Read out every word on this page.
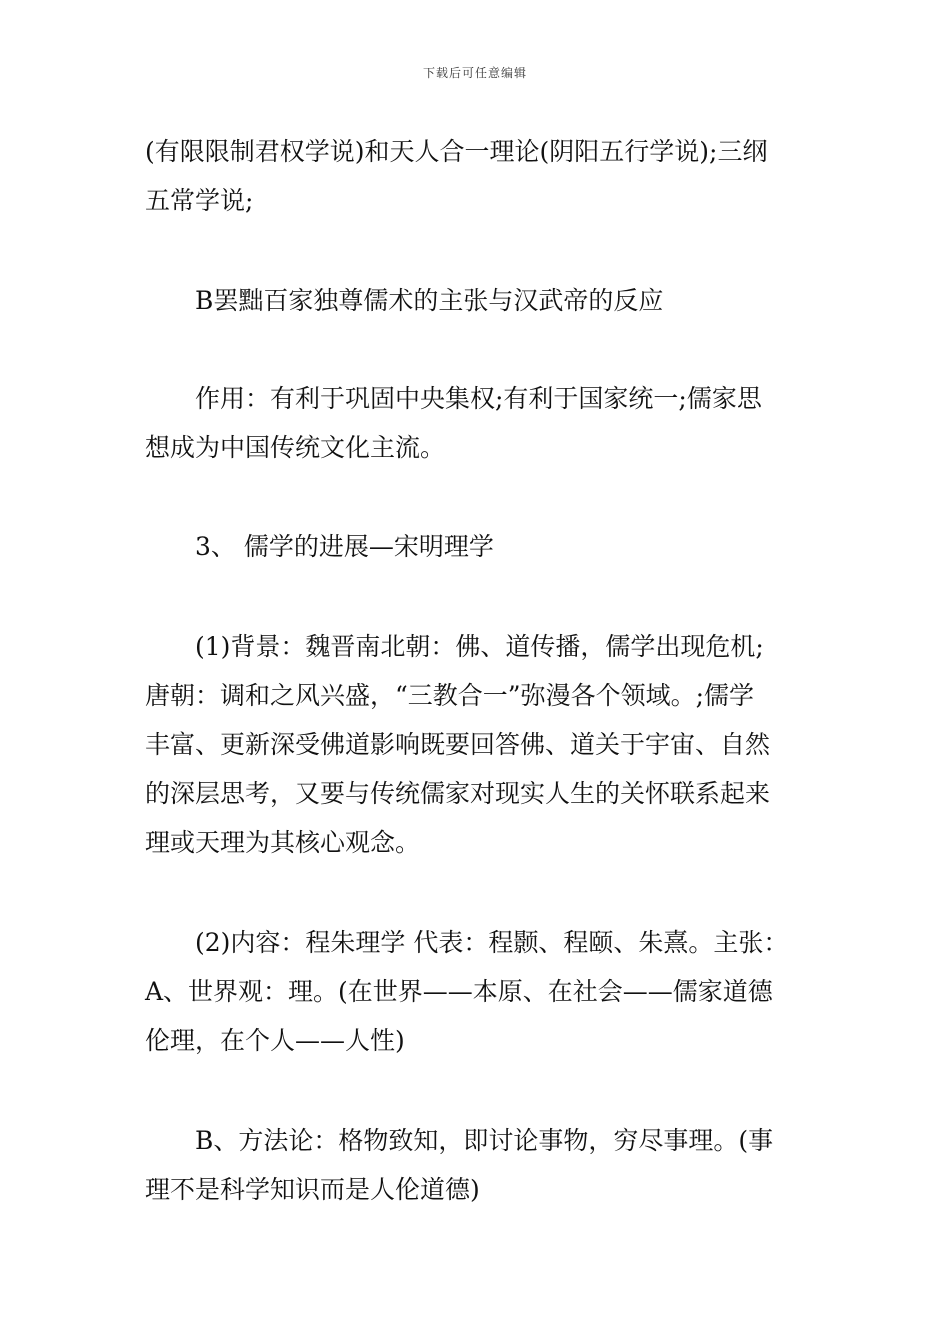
下载后可任意编辑
(有限限制君权学说)和天人合一理论(阴阳五行学说);三纲
五常学说;
B罢黜百家独尊儒术的主张与汉武帝的反应
作用：有利于巩固中央集权;有利于国家统一;儒家思
想成为中国传统文化主流。
3、 儒学的进展—宋明理学
(1)背景：魏晋南北朝：佛、道传播，儒学出现危机;
唐朝：调和之风兴盛，“三教合一”弥漫各个领域。;儒学
丰富、更新深受佛道影响既要回答佛、道关于宇宙、自然
的深层思考，又要与传统儒家对现实人生的关怀联系起来
理或天理为其核心观念。
(2)内容：程朱理学 代表：程颢、程颐、朱熹。主张：
A、世界观：理。(在世界——本原、在社会——儒家道德
伦理，在个人——人性)
B、方法论：格物致知，即讨论事物，穷尽事理。(事
理不是科学知识而是人伦道德)
